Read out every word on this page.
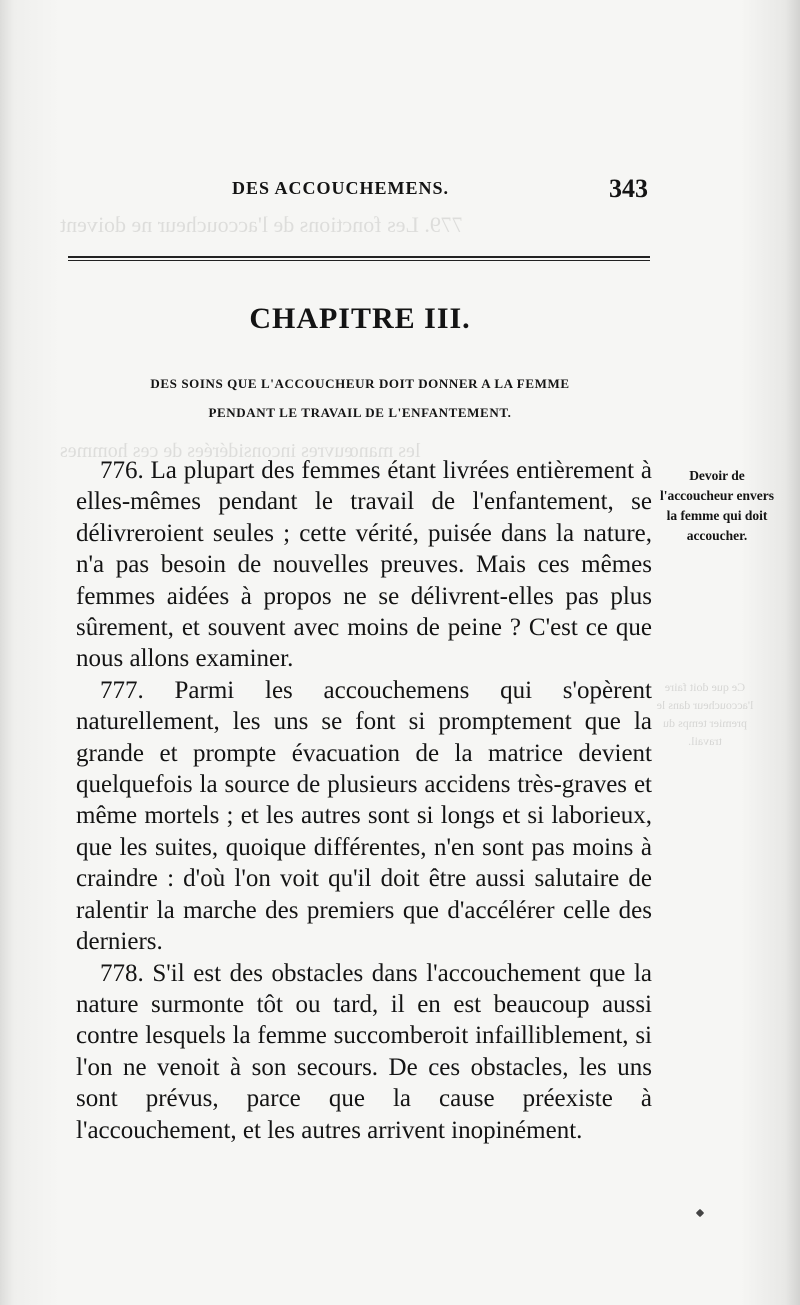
779. Les fonctions de l'accoucheur ne doivent
les manœuvres inconsidérées de ces hommes
Ce que doit faire l'accoucheur dans le premier temps du travail.
DES ACCOUCHEMENS.	343
CHAPITRE III.
DES SOINS QUE L'ACCOUCHEUR DOIT DONNER A LA FEMME
PENDANT LE TRAVAIL DE L'ENFANTEMENT.

776. La plupart des femmes étant livrées entièrement à elles-mêmes pendant le travail de l'enfantement, se délivreroient seules ; cette vérité, puisée dans la nature, n'a pas besoin de nouvelles preuves. Mais ces mêmes femmes aidées à propos ne se délivrent-elles pas plus sûrement, et souvent avec moins de peine ? C'est ce que nous allons examiner.

777. Parmi les accouchemens qui s'opèrent naturellement, les uns se font si promptement que la grande et prompte évacuation de la matrice devient quelquefois la source de plusieurs accidens très-graves et même mortels ; et les autres sont si longs et si laborieux, que les suites, quoique différentes, n'en sont pas moins à craindre : d'où l'on voit qu'il doit être aussi salutaire de ralentir la marche des premiers que d'accélérer celle des derniers.

778. S'il est des obstacles dans l'accouchement que la nature surmonte tôt ou tard, il en est beaucoup aussi contre lesquels la femme succomberoit infailliblement, si l'on ne venoit à son secours. De ces obstacles, les uns sont prévus, parce que la cause préexiste à l'accouchement, et les autres arrivent inopinément.

Devoir de l'accoucheur envers la femme qui doit accoucher.
